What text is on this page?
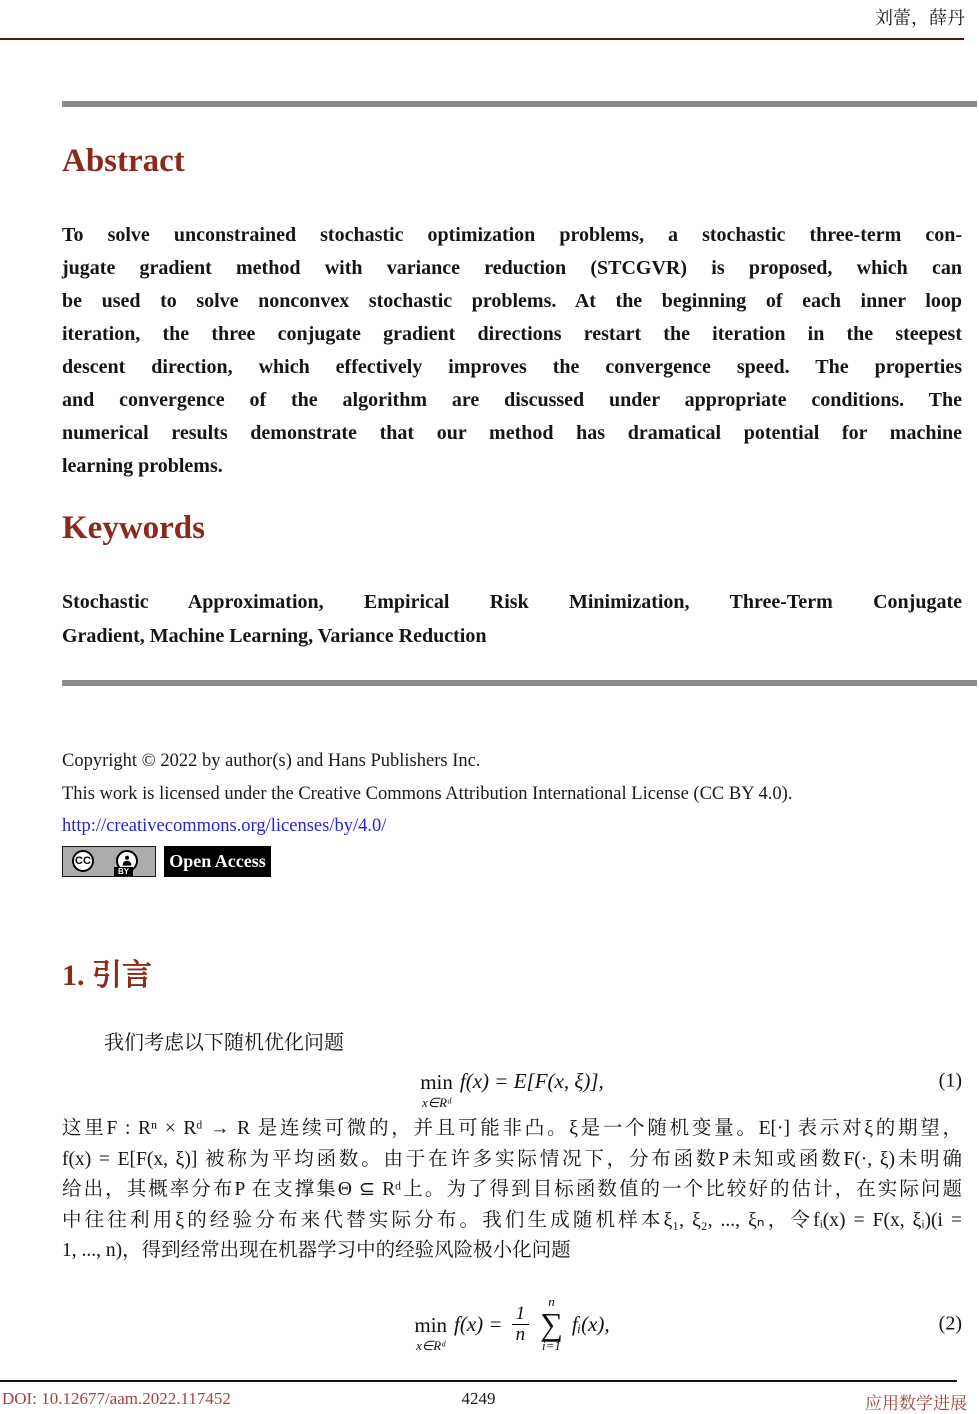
刘蕾，薛丹
Abstract
To solve unconstrained stochastic optimization problems, a stochastic three-term con-
jugate gradient method with variance reduction (STCGVR) is proposed, which can
be used to solve nonconvex stochastic problems. At the beginning of each inner loop
iteration, the three conjugate gradient directions restart the iteration in the steepest
descent direction, which effectively improves the convergence speed. The properties
and convergence of the algorithm are discussed under appropriate conditions. The
numerical results demonstrate that our method has dramatical potential for machine
learning problems.
Keywords
Stochastic Approximation, Empirical Risk Minimization, Three-Term Conjugate
Gradient, Machine Learning, Variance Reduction
Copyright © 2022 by author(s) and Hans Publishers Inc.
This work is licensed under the Creative Commons Attribution International License (CC BY 4.0).
http://creativecommons.org/licenses/by/4.0/
CC
BY
Open Access
1. 引言
我们考虑以下随机优化问题
min
x∈Rᵈ
f(x) = E[F(x, ξ)],	(1)
这里F : Rⁿ × Rᵈ → R 是连续可微的，并且可能非凸。ξ是一个随机变量。E[·] 表示对ξ的期望，
f(x) = E[F(x, ξ)] 被称为平均函数。由于在许多实际情况下，分布函数P未知或函数F(·, ξ)未明确
给出，其概率分布P 在支撑集Θ ⊆ Rᵈ上。为了得到目标函数值的一个比较好的估计，在实际问题
中往往利用ξ的经验分布来代替实际分布。我们生成随机样本ξ₁, ξ₂, ..., ξₙ，令fᵢ(x) = F(x, ξᵢ)(i =
1, ..., n)，得到经常出现在机器学习中的经验风险极小化问题
min
x∈Rᵈ
$f(x) = \frac{1}{n}$
n
∑
i=1
fᵢ(x),	(2)
DOI: 10.12677/aam.2022.117452	4249	应用数学进展
